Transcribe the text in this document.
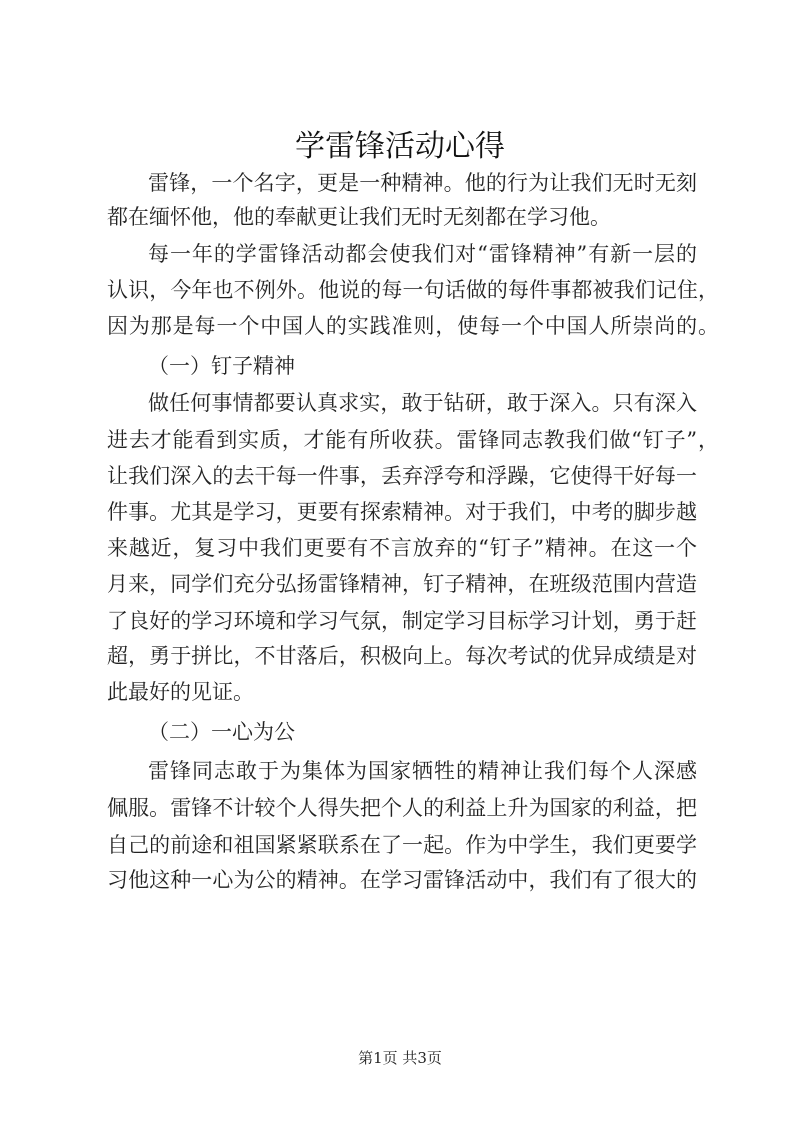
学雷锋活动心得
雷锋，一个名字，更是一种精神。他的行为让我们无时无刻
都在缅怀他，他的奉献更让我们无时无刻都在学习他。
每一年的学雷锋活动都会使我们对“雷锋精神”有新一层的
认识，今年也不例外。他说的每一句话做的每件事都被我们记住，
因为那是每一个中国人的实践准则，使每一个中国人所崇尚的。
（一）钉子精神
做任何事情都要认真求实，敢于钻研，敢于深入。只有深入
进去才能看到实质，才能有所收获。雷锋同志教我们做“钉子”，
让我们深入的去干每一件事，丢弃浮夸和浮躁，它使得干好每一
件事。尤其是学习，更要有探索精神。对于我们，中考的脚步越
来越近，复习中我们更要有不言放弃的“钉子”精神。在这一个
月来，同学们充分弘扬雷锋精神，钉子精神，在班级范围内营造
了良好的学习环境和学习气氛，制定学习目标学习计划，勇于赶
超，勇于拼比，不甘落后，积极向上。每次考试的优异成绩是对
此最好的见证。
（二）一心为公
雷锋同志敢于为集体为国家牺牲的精神让我们每个人深感
佩服。雷锋不计较个人得失把个人的利益上升为国家的利益，把
自己的前途和祖国紧紧联系在了一起。作为中学生，我们更要学
习他这种一心为公的精神。在学习雷锋活动中，我们有了很大的
第1页 共3页
